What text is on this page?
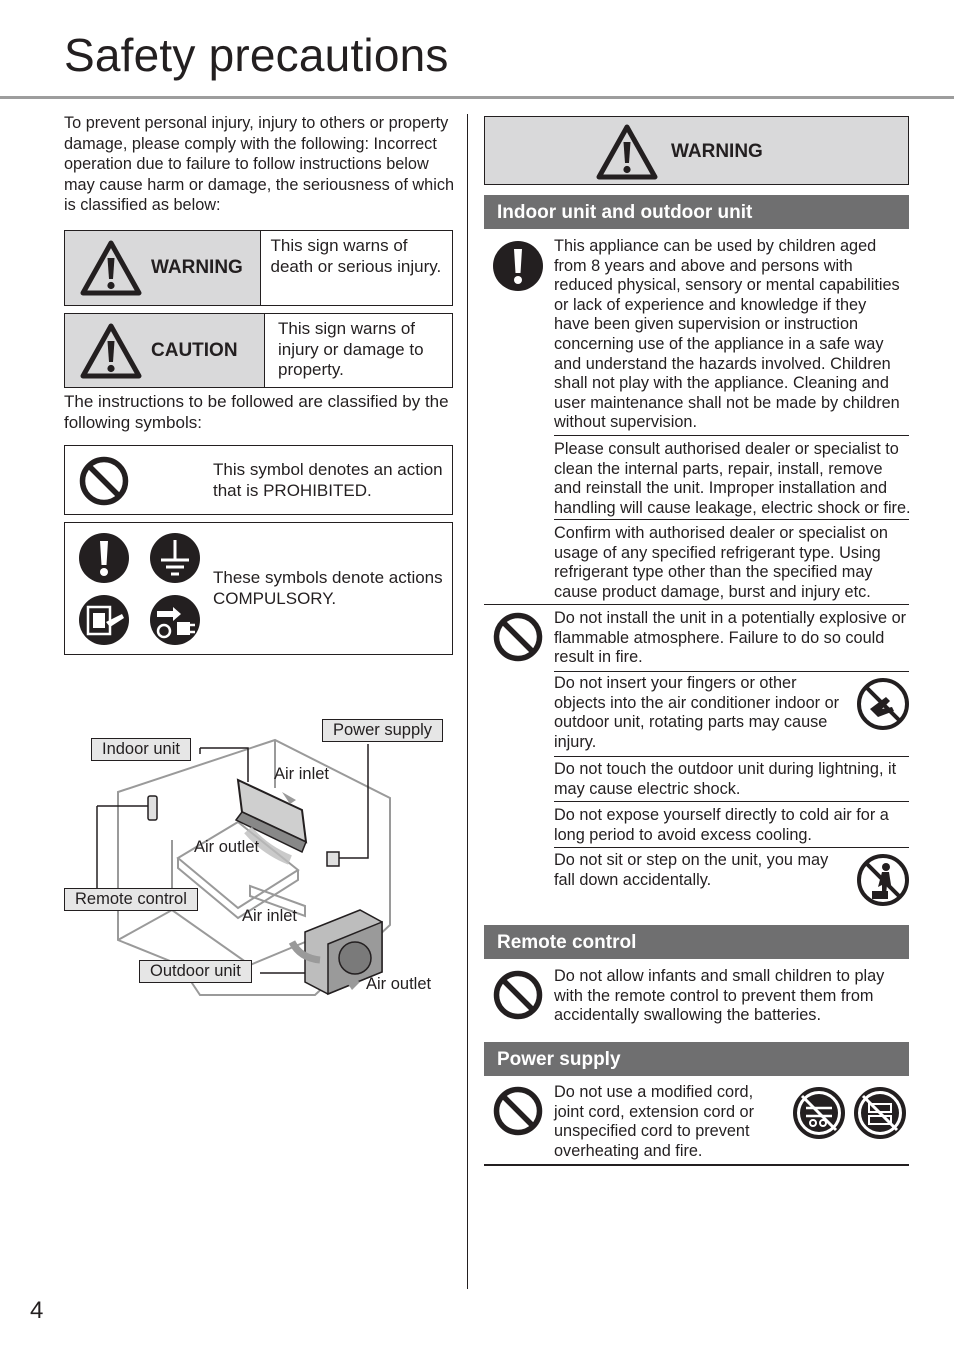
Safety precautions
To prevent personal injury, injury to others or property damage, please comply with the following: Incorrect operation due to failure to follow instructions below may cause harm or damage, the seriousness of which is classified as below:
WARNING
This sign warns of death or serious injury.
CAUTION
This sign warns of injury or damage to property.
The instructions to be followed are classified by the following symbols:
This symbol denotes an action that is PROHIBITED.
These symbols denote actions COMPULSORY.
Indoor unit
Power supply
Remote control
Outdoor unit
Air inlet
Air outlet
Air inlet
Air outlet
WARNING
Indoor unit and outdoor unit
This appliance can be used by children aged from 8 years and above and persons with reduced physical, sensory or mental capabilities or lack of experience and knowledge if they have been given supervision or instruction concerning use of the appliance in a safe way and understand the hazards involved. Children shall not play with the appliance. Cleaning and user maintenance shall not be made by children without supervision.
Please consult authorised dealer or specialist to clean the internal parts, repair, install, remove and reinstall the unit. Improper installation and handling will cause leakage, electric shock or fire.
Confirm with authorised dealer or specialist on usage of any specified refrigerant type. Using refrigerant type other than the specified may cause product damage, burst and injury etc.
Do not install the unit in a potentially explosive or flammable atmosphere. Failure to do so could result in fire.
Do not insert your fingers or other objects into the air conditioner indoor or outdoor unit, rotating parts may cause injury.
Do not touch the outdoor unit during lightning, it may cause electric shock.
Do not expose yourself directly to cold air for a long period to avoid excess cooling.
Do not sit or step on the unit, you may fall down accidentally.
Remote control
Do not allow infants and small children to play with the remote control to prevent them from accidentally swallowing the batteries.
Power supply
Do not use a modified cord, joint cord, extension cord or unspecified cord to prevent overheating and fire.
4
